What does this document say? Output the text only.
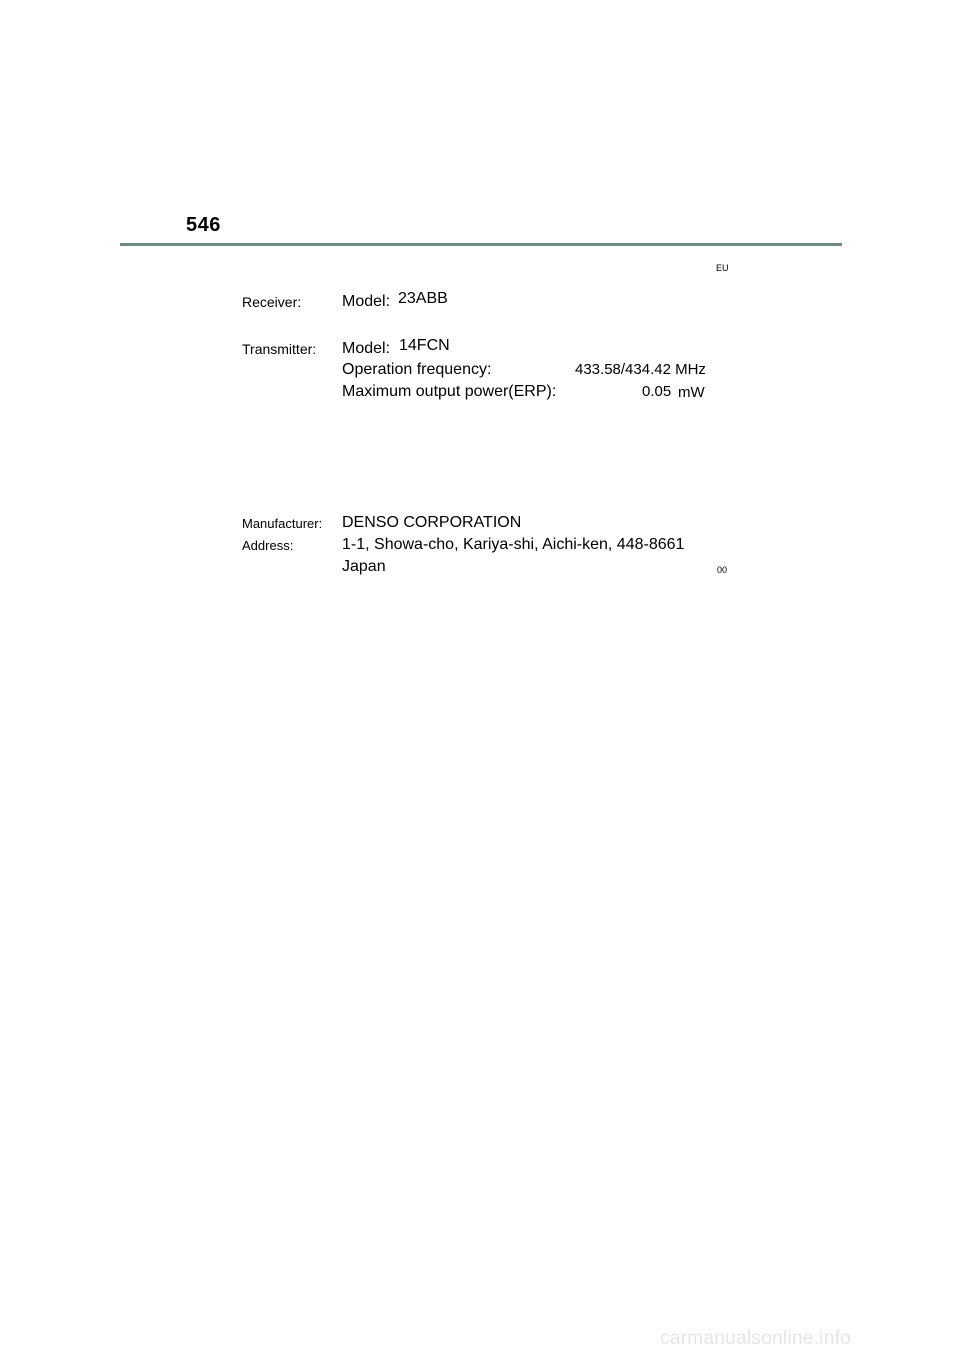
546
EU
Receiver:	Model: 23ABB
Transmitter: Model: 14FCN
Operation frequency:	433.58/434.42 MHz
Maximum output power(ERP):	0.05 mW
Manufacturer: DENSO CORPORATION
Address:	1-1, Showa-cho, Kariya-shi, Aichi-ken, 448-8661
Japan	00
carmanualsonline.info
